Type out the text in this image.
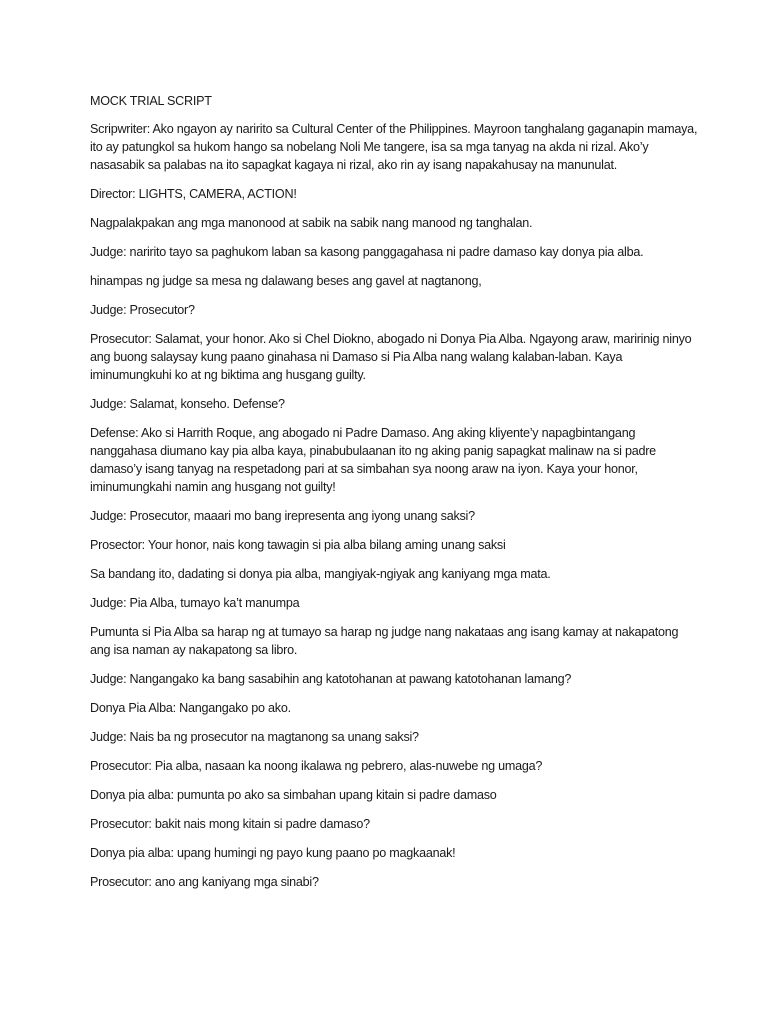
MOCK TRIAL SCRIPT

Scripwriter: Ako ngayon ay naririto sa Cultural Center of the Philippines. Mayroon tanghalang gaganapin mamaya, ito ay patungkol sa hukom hango sa nobelang Noli Me tangere, isa sa mga tanyag na akda ni rizal. Ako’y nasasabik sa palabas na ito sapagkat kagaya ni rizal, ako rin ay isang napakahusay na manunulat.

Director: LIGHTS, CAMERA, ACTION!

Nagpalakpakan ang mga manonood at sabik na sabik nang manood ng tanghalan.

Judge: naririto tayo sa paghukom laban sa kasong panggagahasa ni padre damaso kay donya pia alba.

hinampas ng judge sa mesa ng dalawang beses ang gavel at nagtanong,

Judge: Prosecutor?

Prosecutor: Salamat, your honor. Ako si Chel Diokno, abogado ni Donya Pia Alba. Ngayong araw, maririnig ninyo ang buong salaysay kung paano ginahasa ni Damaso si Pia Alba nang walang kalaban-laban. Kaya iminumungkuhi ko at ng biktima ang husgang guilty.

Judge: Salamat, konseho. Defense?

Defense: Ako si Harrith Roque, ang abogado ni Padre Damaso. Ang aking kliyente’y napagbintangang nanggahasa diumano kay pia alba kaya, pinabubulaanan ito ng aking panig sapagkat malinaw na si padre damaso’y isang tanyag na respetadong pari at sa simbahan sya noong araw na iyon. Kaya your honor, iminumungkahi namin ang husgang not guilty!

Judge: Prosecutor, maaari mo bang irepresenta ang iyong unang saksi?

Prosector: Your honor, nais kong tawagin si pia alba bilang aming unang saksi

Sa bandang ito, dadating si donya pia alba, mangiyak-ngiyak ang kaniyang mga mata.

Judge: Pia Alba, tumayo ka’t manumpa

Pumunta si Pia Alba sa harap ng at tumayo sa harap ng judge nang nakataas ang isang kamay at nakapatong ang isa naman ay nakapatong sa libro.

Judge: Nangangako ka bang sasabihin ang katotohanan at pawang katotohanan lamang?

Donya Pia Alba: Nangangako po ako.

Judge: Nais ba ng prosecutor na magtanong sa unang saksi?

Prosecutor: Pia alba, nasaan ka noong ikalawa ng pebrero, alas-nuwebe ng umaga?

Donya pia alba: pumunta po ako sa simbahan upang kitain si padre damaso

Prosecutor: bakit nais mong kitain si padre damaso?

Donya pia alba: upang humingi ng payo kung paano po magkaanak!

Prosecutor: ano ang kaniyang mga sinabi?
